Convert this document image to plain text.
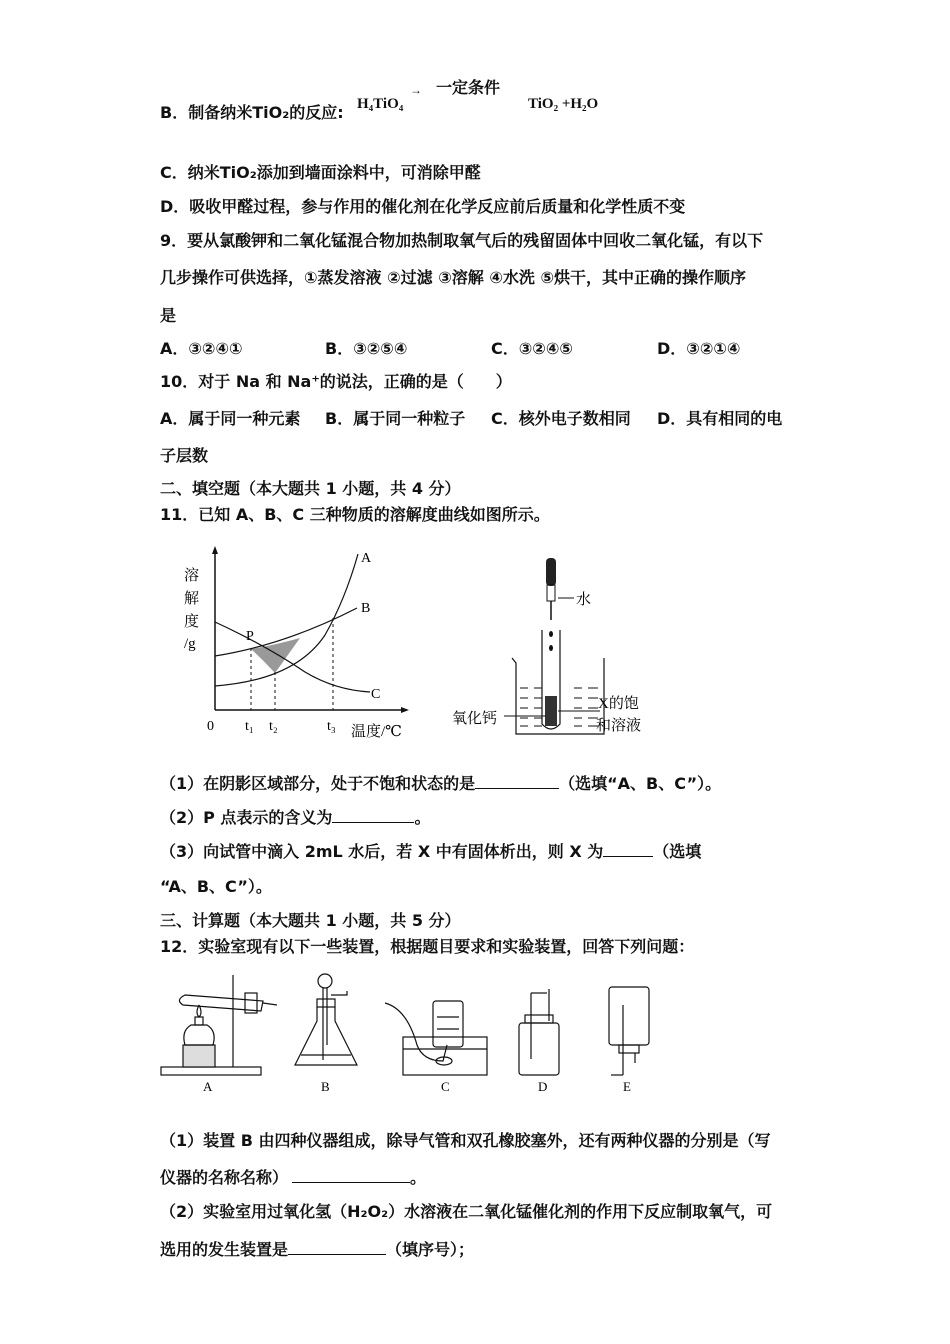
B．制备纳米TiO₂的反应: H₄TiO₄
→ 一定条件
TiO₂ +H₂O
C．纳米TiO₂添加到墙面涂料中，可消除甲醛
D．吸收甲醛过程，参与作用的催化剂在化学反应前后质量和化学性质不变
9．要从氯酸钾和二氧化锰混合物加热制取氧气后的残留固体中回收二氧化锰，有以下
几步操作可供选择，①蒸发溶液 ②过滤 ③溶解 ④水洗 ⑤烘干，其中正确的操作顺序
是
A．③②④①	B．③②⑤④	C．③②④⑤	D．③②①④
10．对于 Na 和 Na⁺的说法，正确的是（　　）
A．属于同一种元素 B．属于同一种粒子 C．核外电子数相同 D．具有相同的电
子层数
二、填空题（本大题共 1 小题，共 4 分）
11．已知 A、B、C 三种物质的溶解度曲线如图所示。
溶
解
度
/g	P
A
B
C
0 t₁ t₂	t₃ 温度/℃
水
氧化钙
X的饱
和溶液
（1）在阴影区域部分，处于不饱和状态的是	（选填“A、B、C”）。
（2）P 点表示的含义为	。
（3）向试管中滴入 2mL 水后，若 X 中有固体析出，则 X 为	（选填
“A、B、C”）。
三、计算题（本大题共 1 小题，共 5 分）
12．实验室现有以下一些装置，根据题目要求和实验装置，回答下列问题：
A	B	C	D	E
（1）装置 B 由四种仪器组成，除导气管和双孔橡胶塞外，还有两种仪器的分别是（写
仪器的名称名称）	。
（2）实验室用过氧化氢（H₂O₂）水溶液在二氧化锰催化剂的作用下反应制取氧气，可
选用的发生装置是	（填序号）；
